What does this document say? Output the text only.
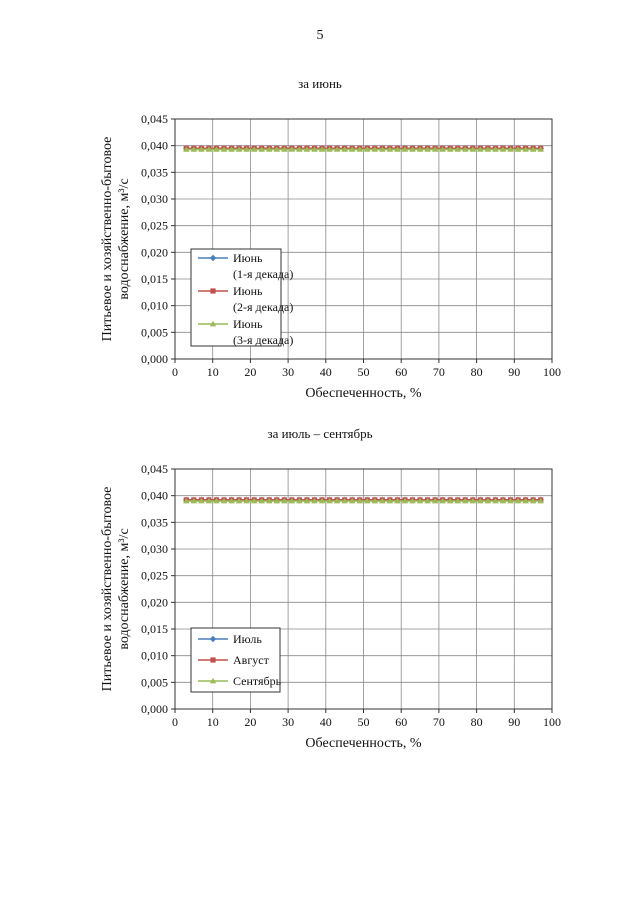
5
за июнь
0,000
0,005
0,010
0,015
0,020
0,025
0,030
0,035
0,040
0,045
0 10 20 30 40 50 60 70 80 90 100
Обеспеченность, %
Питьевое и хозяйственно-бытовое водоснабжение, м³/с	Июнь
(1-я декада)
Июнь
(2-я декада)
Июнь
(3-я декада)
за июль – сентябрь
0,000
0,005
0,010
0,015
0,020
0,025
0,030
0,035
0,040
0,045
0 10 20 30 40 50 60 70 80 90 100
Обеспеченность, %
Питьевое и хозяйственно-бытовое водоснабжение, м³/с	Июль
Август
Сентябрь
